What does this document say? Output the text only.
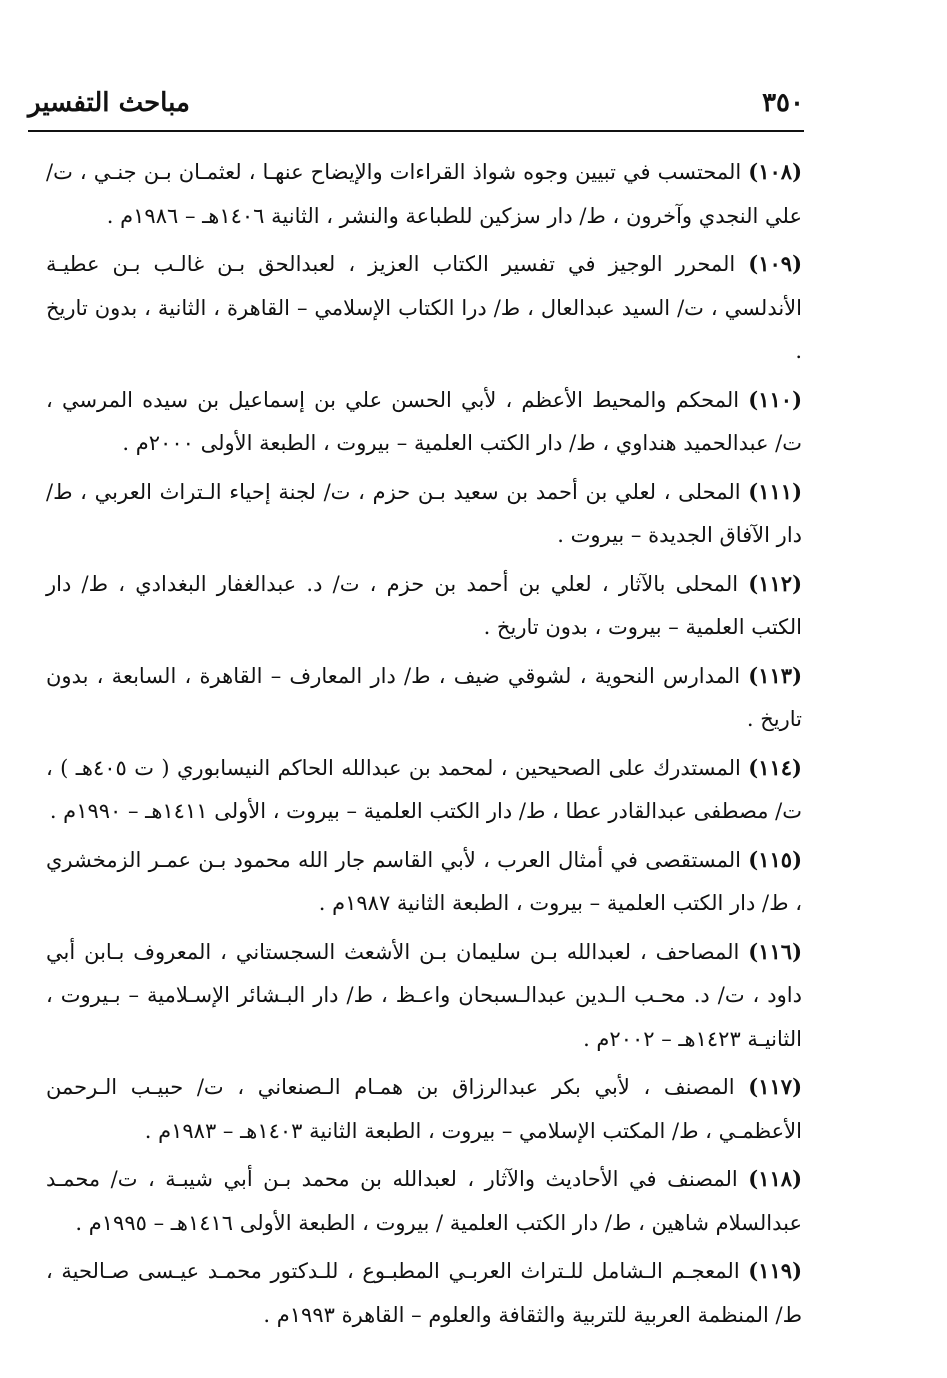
٣٥٠
مباحث التفسير

(١٠٨) المحتسب في تبيين وجوه شواذ القراءات والإيضاح عنهـا ، لعثمـان بـن جنـي ، ت/ علي النجدي وآخرون ، ط/ دار سزكين للطباعة والنشر ، الثانية ١٤٠٦هـ – ١٩٨٦م .

(١٠٩) المحرر الوجيز في تفسير الكتاب العزيز ، لعبدالحق بـن غالـب بـن عطيـة الأندلسي ، ت/ السيد عبدالعال ، ط/ درا الكتاب الإسلامي – القاهرة ، الثانية ، بدون تاريخ .

(١١٠) المحكم والمحيط الأعظم ، لأبي الحسن علي بن إسماعيل بن سيده المرسي ، ت/ عبدالحميد هنداوي ، ط/ دار الكتب العلمية – بيروت ، الطبعة الأولى ٢٠٠٠م .

(١١١) المحلى ، لعلي بن أحمد بن سعيد بـن حزم ، ت/ لجنة إحياء الـتراث العربي ، ط/ دار الآفاق الجديدة – بيروت .

(١١٢) المحلى بالآثار ، لعلي بن أحمد بن حزم ، ت/ د. عبدالغفار البغدادي ، ط/ دار الكتب العلمية – بيروت ، بدون تاريخ .

(١١٣) المدارس النحوية ، لشوقي ضيف ، ط/ دار المعارف – القاهرة ، السابعة ، بدون تاريخ .

(١١٤) المستدرك على الصحيحين ، لمحمد بن عبدالله الحاكم النيسابوري ( ت ٤٠٥هـ ) ، ت/ مصطفى عبدالقادر عطا ، ط/ دار الكتب العلمية – بيروت ، الأولى ١٤١١هـ – ١٩٩٠م .

(١١٥) المستقصى في أمثال العرب ، لأبي القاسم جار الله محمود بـن عمـر الزمخشري ، ط/ دار الكتب العلمية – بيروت ، الطبعة الثانية ١٩٨٧م .

(١١٦) المصاحف ، لعبدالله بـن سليمان بـن الأشعث السجستاني ، المعروف بـابن أبي داود ، ت/ د. محـب الـدين عبدالـسبحان واعـظ ، ط/ دار البـشائر الإسـلامية – بـيروت ، الثانيـة ١٤٢٣هـ – ٢٠٠٢م .

(١١٧) المصنف ، لأبي بكر عبدالرزاق بن همـام الـصنعاني ، ت/ حبيـب الـرحمن الأعظمـي ، ط/ المكتب الإسلامي – بيروت ، الطبعة الثانية ١٤٠٣هـ – ١٩٨٣م .

(١١٨) المصنف في الأحاديث والآثار ، لعبدالله بن محمد بـن أبي شيبـة ، ت/ محمـد عبدالسلام شاهين ، ط/ دار الكتب العلمية / بيروت ، الطبعة الأولى ١٤١٦هـ – ١٩٩٥م .

(١١٩) المعجـم الـشامل للـتراث العربـي المطبـوع ، للـدكتور محمـد عيـسى صـالحية ، ط/ المنظمة العربية للتربية والثقافة والعلوم – القاهرة ١٩٩٣م .
